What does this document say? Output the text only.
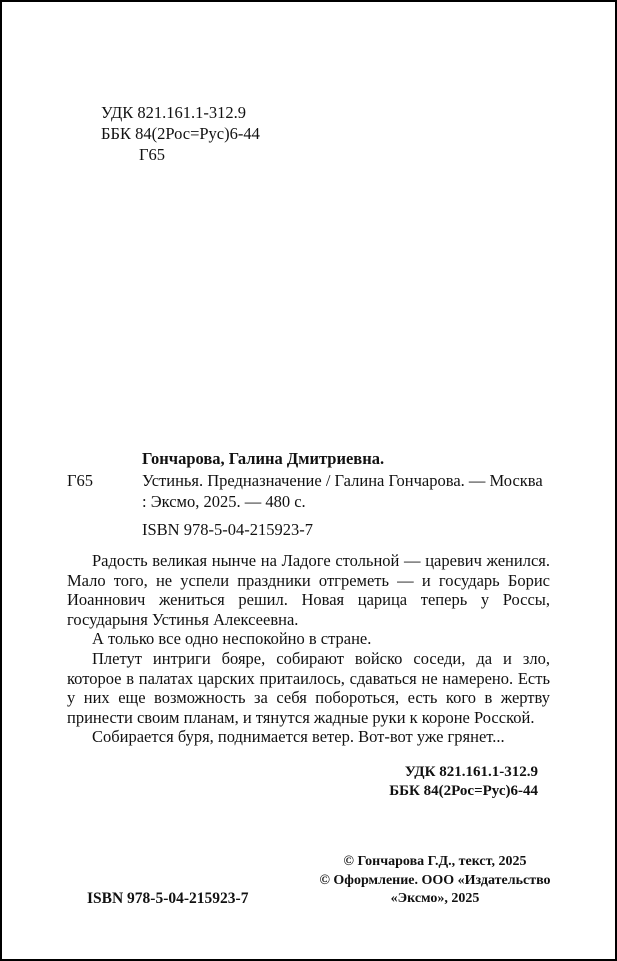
УДК 821.161.1-312.9
ББК 84(2Рос=Рус)6-44
Г65
Гончарова, Галина Дмитриевна.
Г65	Устинья. Предназначение / Галина Гончарова. — Москва : Эксмо, 2025. — 480 с.
ISBN 978-5-04-215923-7

Радость великая нынче на Ладоге стольной — царевич женился. Мало того, не успели праздники отгреметь — и государь Борис Иоаннович жениться решил. Новая царица теперь у Россы, государыня Устинья Алексеевна.

А только все одно неспокойно в стране.

Плетут интриги бояре, собирают войско соседи, да и зло, которое в палатах царских притаилось, сдаваться не намерено. Есть у них еще возможность за себя побороться, есть кого в жертву принести своим планам, и тянутся жадные руки к короне Росской.

Собирается буря, поднимается ветер. Вот-вот уже грянет...

УДК 821.161.1-312.9
ББК 84(2Рос=Рус)6-44

© Гончарова Г.Д., текст, 2025

© Оформление. ООО «Издательство «Эксмо», 2025

ISBN 978-5-04-215923-7
